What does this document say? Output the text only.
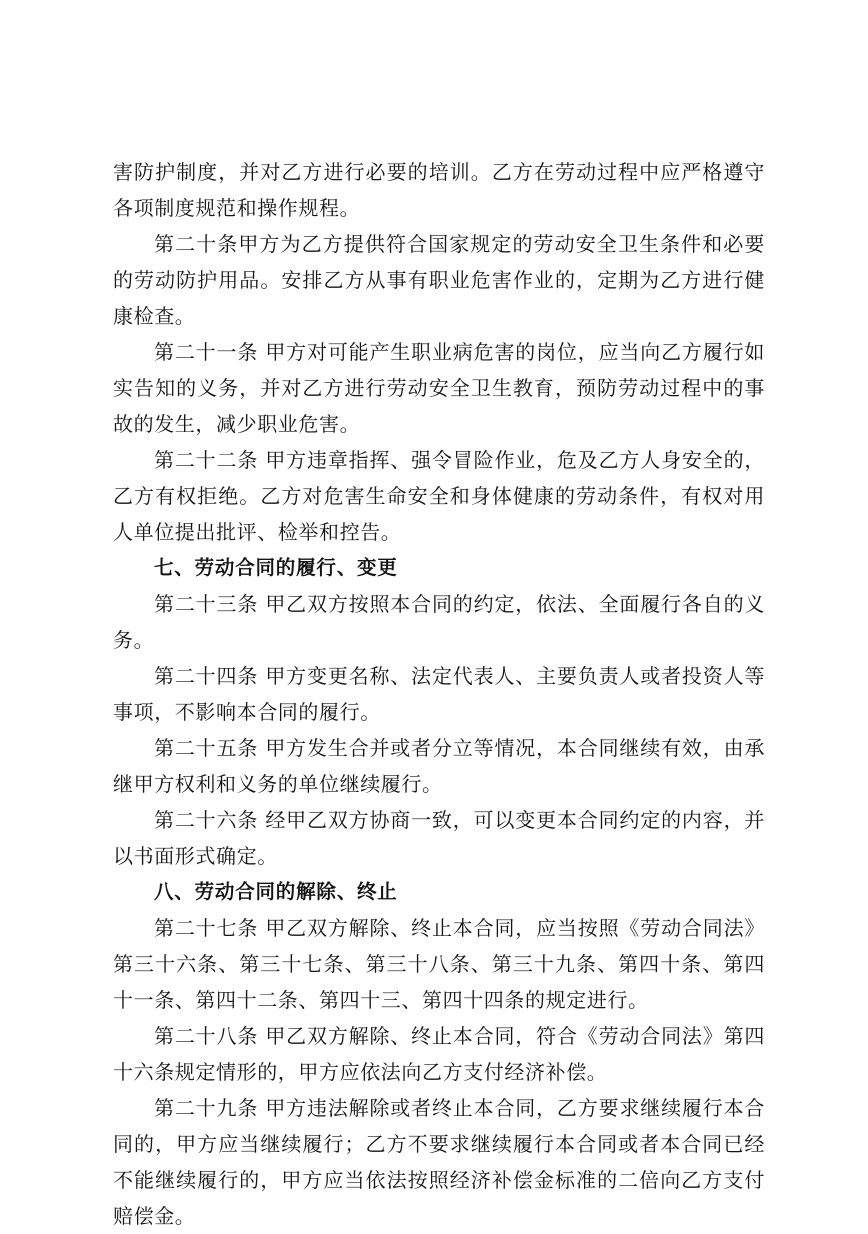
害防护制度，并对乙方进行必要的培训。乙方在劳动过程中应严格遵守各项制度规范和操作规程。

第二十条甲方为乙方提供符合国家规定的劳动安全卫生条件和必要的劳动防护用品。安排乙方从事有职业危害作业的，定期为乙方进行健康检查。

第二十一条 甲方对可能产生职业病危害的岗位，应当向乙方履行如实告知的义务，并对乙方进行劳动安全卫生教育，预防劳动过程中的事故的发生，减少职业危害。

第二十二条 甲方违章指挥、强令冒险作业，危及乙方人身安全的，乙方有权拒绝。乙方对危害生命安全和身体健康的劳动条件，有权对用人单位提出批评、检举和控告。

七、劳动合同的履行、变更

第二十三条 甲乙双方按照本合同的约定，依法、全面履行各自的义务。

第二十四条 甲方变更名称、法定代表人、主要负责人或者投资人等事项，不影响本合同的履行。

第二十五条 甲方发生合并或者分立等情况，本合同继续有效，由承继甲方权利和义务的单位继续履行。

第二十六条 经甲乙双方协商一致，可以变更本合同约定的内容，并以书面形式确定。

八、劳动合同的解除、终止

第二十七条 甲乙双方解除、终止本合同，应当按照《劳动合同法》第三十六条、第三十七条、第三十八条、第三十九条、第四十条、第四十一条、第四十二条、第四十三、第四十四条的规定进行。

第二十八条 甲乙双方解除、终止本合同，符合《劳动合同法》第四十六条规定情形的，甲方应依法向乙方支付经济补偿。

第二十九条 甲方违法解除或者终止本合同，乙方要求继续履行本合同的，甲方应当继续履行；乙方不要求继续履行本合同或者本合同已经不能继续履行的，甲方应当依法按照经济补偿金标准的二倍向乙方支付赔偿金。
